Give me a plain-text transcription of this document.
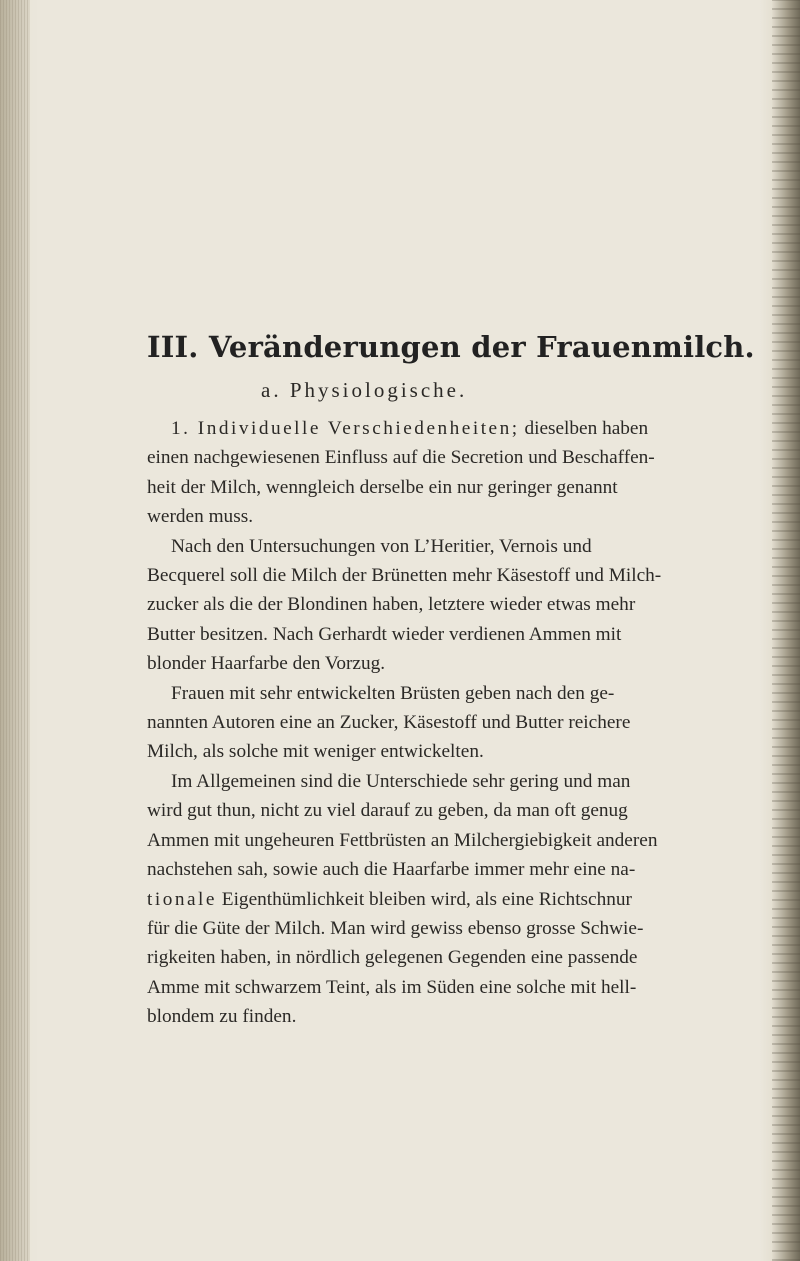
III. Veränderungen der Frauenmilch.
a. Physiologische.

1. Individuelle Verschiedenheiten; dieselben haben
einen nachgewiesenen Einfluss auf die Secretion und Beschaffen-
heit der Milch, wenngleich derselbe ein nur geringer genannt
werden muss.

Nach den Untersuchungen von L’Heritier, Vernois und
Becquerel soll die Milch der Brünetten mehr Käsestoff und Milch-
zucker als die der Blondinen haben, letztere wieder etwas mehr
Butter besitzen. Nach Gerhardt wieder verdienen Ammen mit
blonder Haarfarbe den Vorzug.

Frauen mit sehr entwickelten Brüsten geben nach den ge-
nannten Autoren eine an Zucker, Käsestoff und Butter reichere
Milch, als solche mit weniger entwickelten.

Im Allgemeinen sind die Unterschiede sehr gering und man
wird gut thun, nicht zu viel darauf zu geben, da man oft genug
Ammen mit ungeheuren Fettbrüsten an Milchergiebigkeit anderen
nachstehen sah, sowie auch die Haarfarbe immer mehr eine na-
tionale Eigenthümlichkeit bleiben wird, als eine Richtschnur
für die Güte der Milch. Man wird gewiss ebenso grosse Schwie-
rigkeiten haben, in nördlich gelegenen Gegenden eine passende
Amme mit schwarzem Teint, als im Süden eine solche mit hell-
blondem zu finden.
